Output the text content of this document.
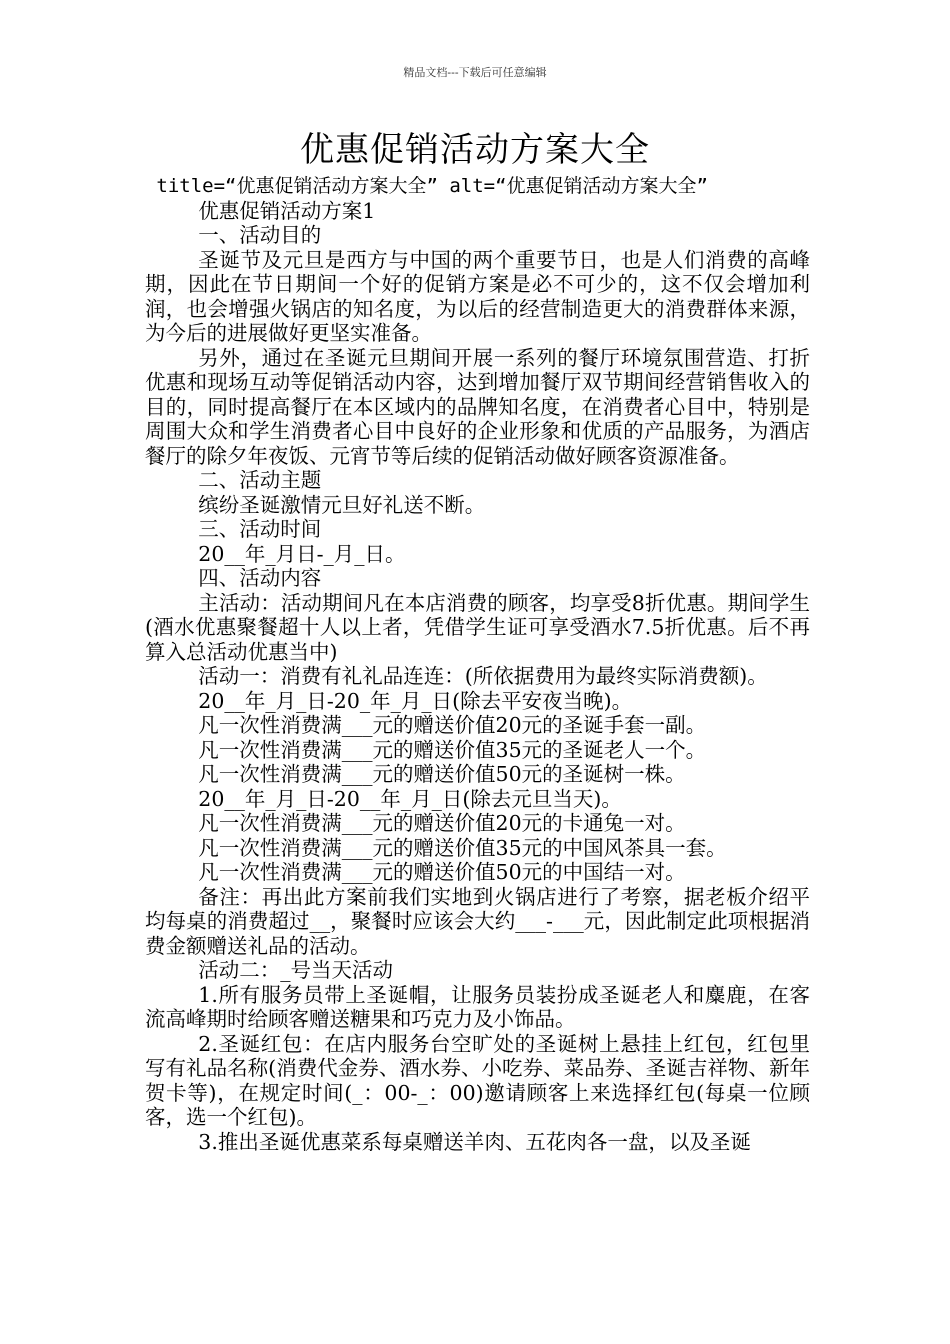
精品文档---下载后可任意编辑
优惠促销活动方案大全

title=“优惠促销活动方案大全” alt=“优惠促销活动方案大全”

优惠促销活动方案1

一、活动目的

圣诞节及元旦是西方与中国的两个重要节日，也是人们消费的高峰期，因此在节日期间一个好的促销方案是必不可少的，这不仅会增加利润，也会增强火锅店的知名度，为以后的经营制造更大的消费群体来源，为今后的进展做好更坚实准备。

另外，通过在圣诞元旦期间开展一系列的餐厅环境氛围营造、打折优惠和现场互动等促销活动内容，达到增加餐厅双节期间经营销售收入的目的，同时提高餐厅在本区域内的品牌知名度，在消费者心目中，特别是周围大众和学生消费者心目中良好的企业形象和优质的产品服务，为酒店餐厅的除夕年夜饭、元宵节等后续的促销活动做好顾客资源准备。

二、活动主题

缤纷圣诞激情元旦好礼送不断。

三、活动时间

20__年_月日-_月_日。

四、活动内容

主活动：活动期间凡在本店消费的顾客，均享受8折优惠。期间学生(酒水优惠聚餐超十人以上者，凭借学生证可享受酒水7.5折优惠。后不再算入总活动优惠当中)

活动一：消费有礼礼品连连：(所依据费用为最终实际消费额)。

20__年_月_日-20_年_月_日(除去平安夜当晚)。

凡一次性消费满___元的赠送价值20元的圣诞手套一副。

凡一次性消费满___元的赠送价值35元的圣诞老人一个。

凡一次性消费满___元的赠送价值50元的圣诞树一株。

20__年_月_日-20__年_月_日(除去元旦当天)。

凡一次性消费满___元的赠送价值20元的卡通兔一对。

凡一次性消费满___元的赠送价值35元的中国风茶具一套。

凡一次性消费满___元的赠送价值50元的中国结一对。

备注：再出此方案前我们实地到火锅店进行了考察，据老板介绍平均每桌的消费超过__，聚餐时应该会大约___-___元，因此制定此项根据消费金额赠送礼品的活动。

活动二：_号当天活动

1.所有服务员带上圣诞帽，让服务员装扮成圣诞老人和麋鹿，在客流高峰期时给顾客赠送糖果和巧克力及小饰品。

2.圣诞红包：在店内服务台空旷处的圣诞树上悬挂上红包，红包里写有礼品名称(消费代金券、酒水券、小吃券、菜品券、圣诞吉祥物、新年贺卡等)，在规定时间(_：00-_：00)邀请顾客上来选择红包(每桌一位顾客，选一个红包)。

3.推出圣诞优惠菜系每桌赠送羊肉、五花肉各一盘，以及圣诞
